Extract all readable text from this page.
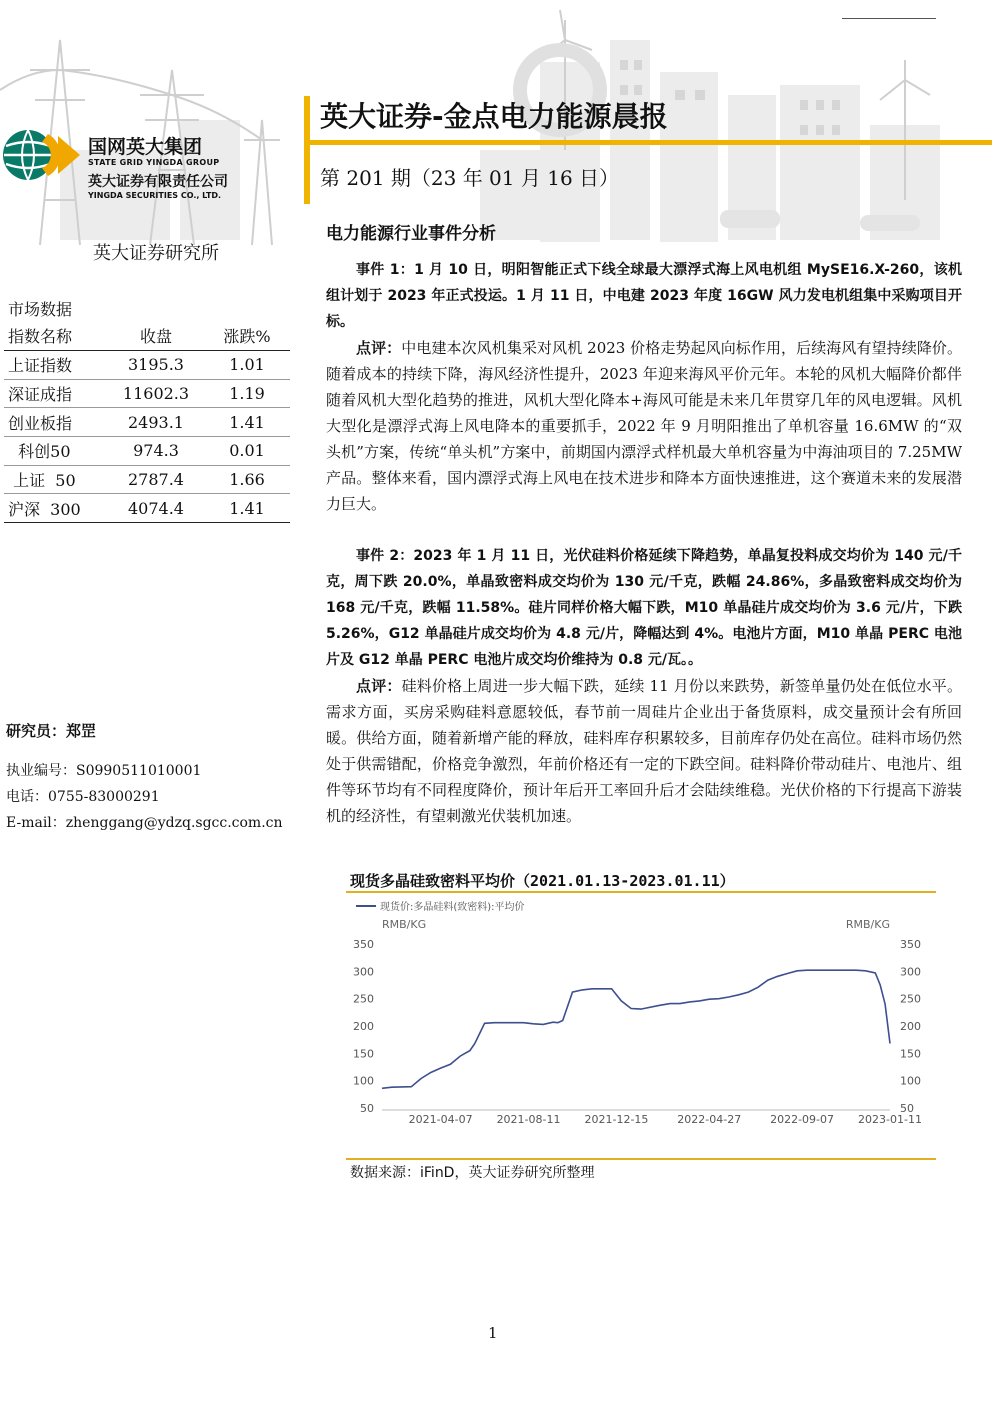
国网英大集团
STATE GRID YINGDA GROUP
英大证券有限责任公司
YINGDA SECURITIES CO., LTD.
英大证券-金点电力能源晨报
第 201 期（23 年 01 月 16 日）
电力能源行业事件分析
英大证券研究所
市场数据
指数名称	收盘	涨跌%
上证指数	3195.3	1.01
深证成指	11602.3	1.19
创业板指	2493.1	1.41
科创50	974.3	0.01
上证  50	2787.4	1.66
沪深  300	4074.4	1.41
研究员：郑罡
执业编号：S0990511010001
电话：0755-83000291
E-mail：zhenggang@ydzq.sgcc.com.cn
事件 1：1 月 10 日，明阳智能正式下线全球最大漂浮式海上风电机组 MySE16.X-260，该机组计划于 2023 年正式投运。1 月 11 日，中电建 2023 年度 16GW 风力发电机组集中采购项目开标。
点评：中电建本次风机集采对风机 2023 价格走势起风向标作用，后续海风有望持续降价。随着成本的持续下降，海风经济性提升，2023 年迎来海风平价元年。本轮的风机大幅降价都伴随着风机大型化趋势的推进，风机大型化降本+海风可能是未来几年贯穿几年的风电逻辑。风机大型化是漂浮式海上风电降本的重要抓手，2022 年 9 月明阳推出了单机容量 16.6MW 的“双头机”方案，传统“单头机”方案中，前期国内漂浮式样机最大单机容量为中海油项目的 7.25MW 产品。整体来看，国内漂浮式海上风电在技术进步和降本方面快速推进，这个赛道未来的发展潜力巨大。
事件 2：2023 年 1 月 11 日，光伏硅料价格延续下降趋势，单晶复投料成交均价为 140 元/千克，周下跌 20.0%，单晶致密料成交均价为 130 元/千克，跌幅 24.86%，多晶致密料成交均价为 168 元/千克，跌幅 11.58%。硅片同样价格大幅下跌，M10 单晶硅片成交均价为 3.6 元/片，下跌 5.26%，G12 单晶硅片成交均价为 4.8 元/片，降幅达到 4%。电池片方面，M10 单晶 PERC 电池片及 G12 单晶 PERC 电池片成交均价维持为 0.8 元/瓦。。
点评：硅料价格上周进一步大幅下跌，延续 11 月份以来跌势，新签单量仍处在低位水平。需求方面，买房采购硅料意愿较低，春节前一周硅片企业出于备货原料，成交量预计会有所回暖。供给方面，随着新增产能的释放，硅料库存积累较多，目前库存仍处在高位。硅料市场仍然处于供需错配，价格竞争激烈，年前价格还有一定的下跌空间。硅料降价带动硅片、电池片、组件等环节均有不同程度降价，预计年后开工率回升后才会陆续维稳。光伏价格的下行提高下游装机的经济性，有望刺激光伏装机加速。
现货多晶硅致密料平均价（2021.01.13-2023.01.11）
现货价:多晶硅料(致密料):平均价
RMB/KG	RMB/KG
350
300
250
200
150
100
50
350
300
250
200
150
100
50
2021-04-07 2021-08-11 2021-12-15	2022-04-27	2022-09-07 2023-01-11
数据来源：iFinD，英大证券研究所整理
1
